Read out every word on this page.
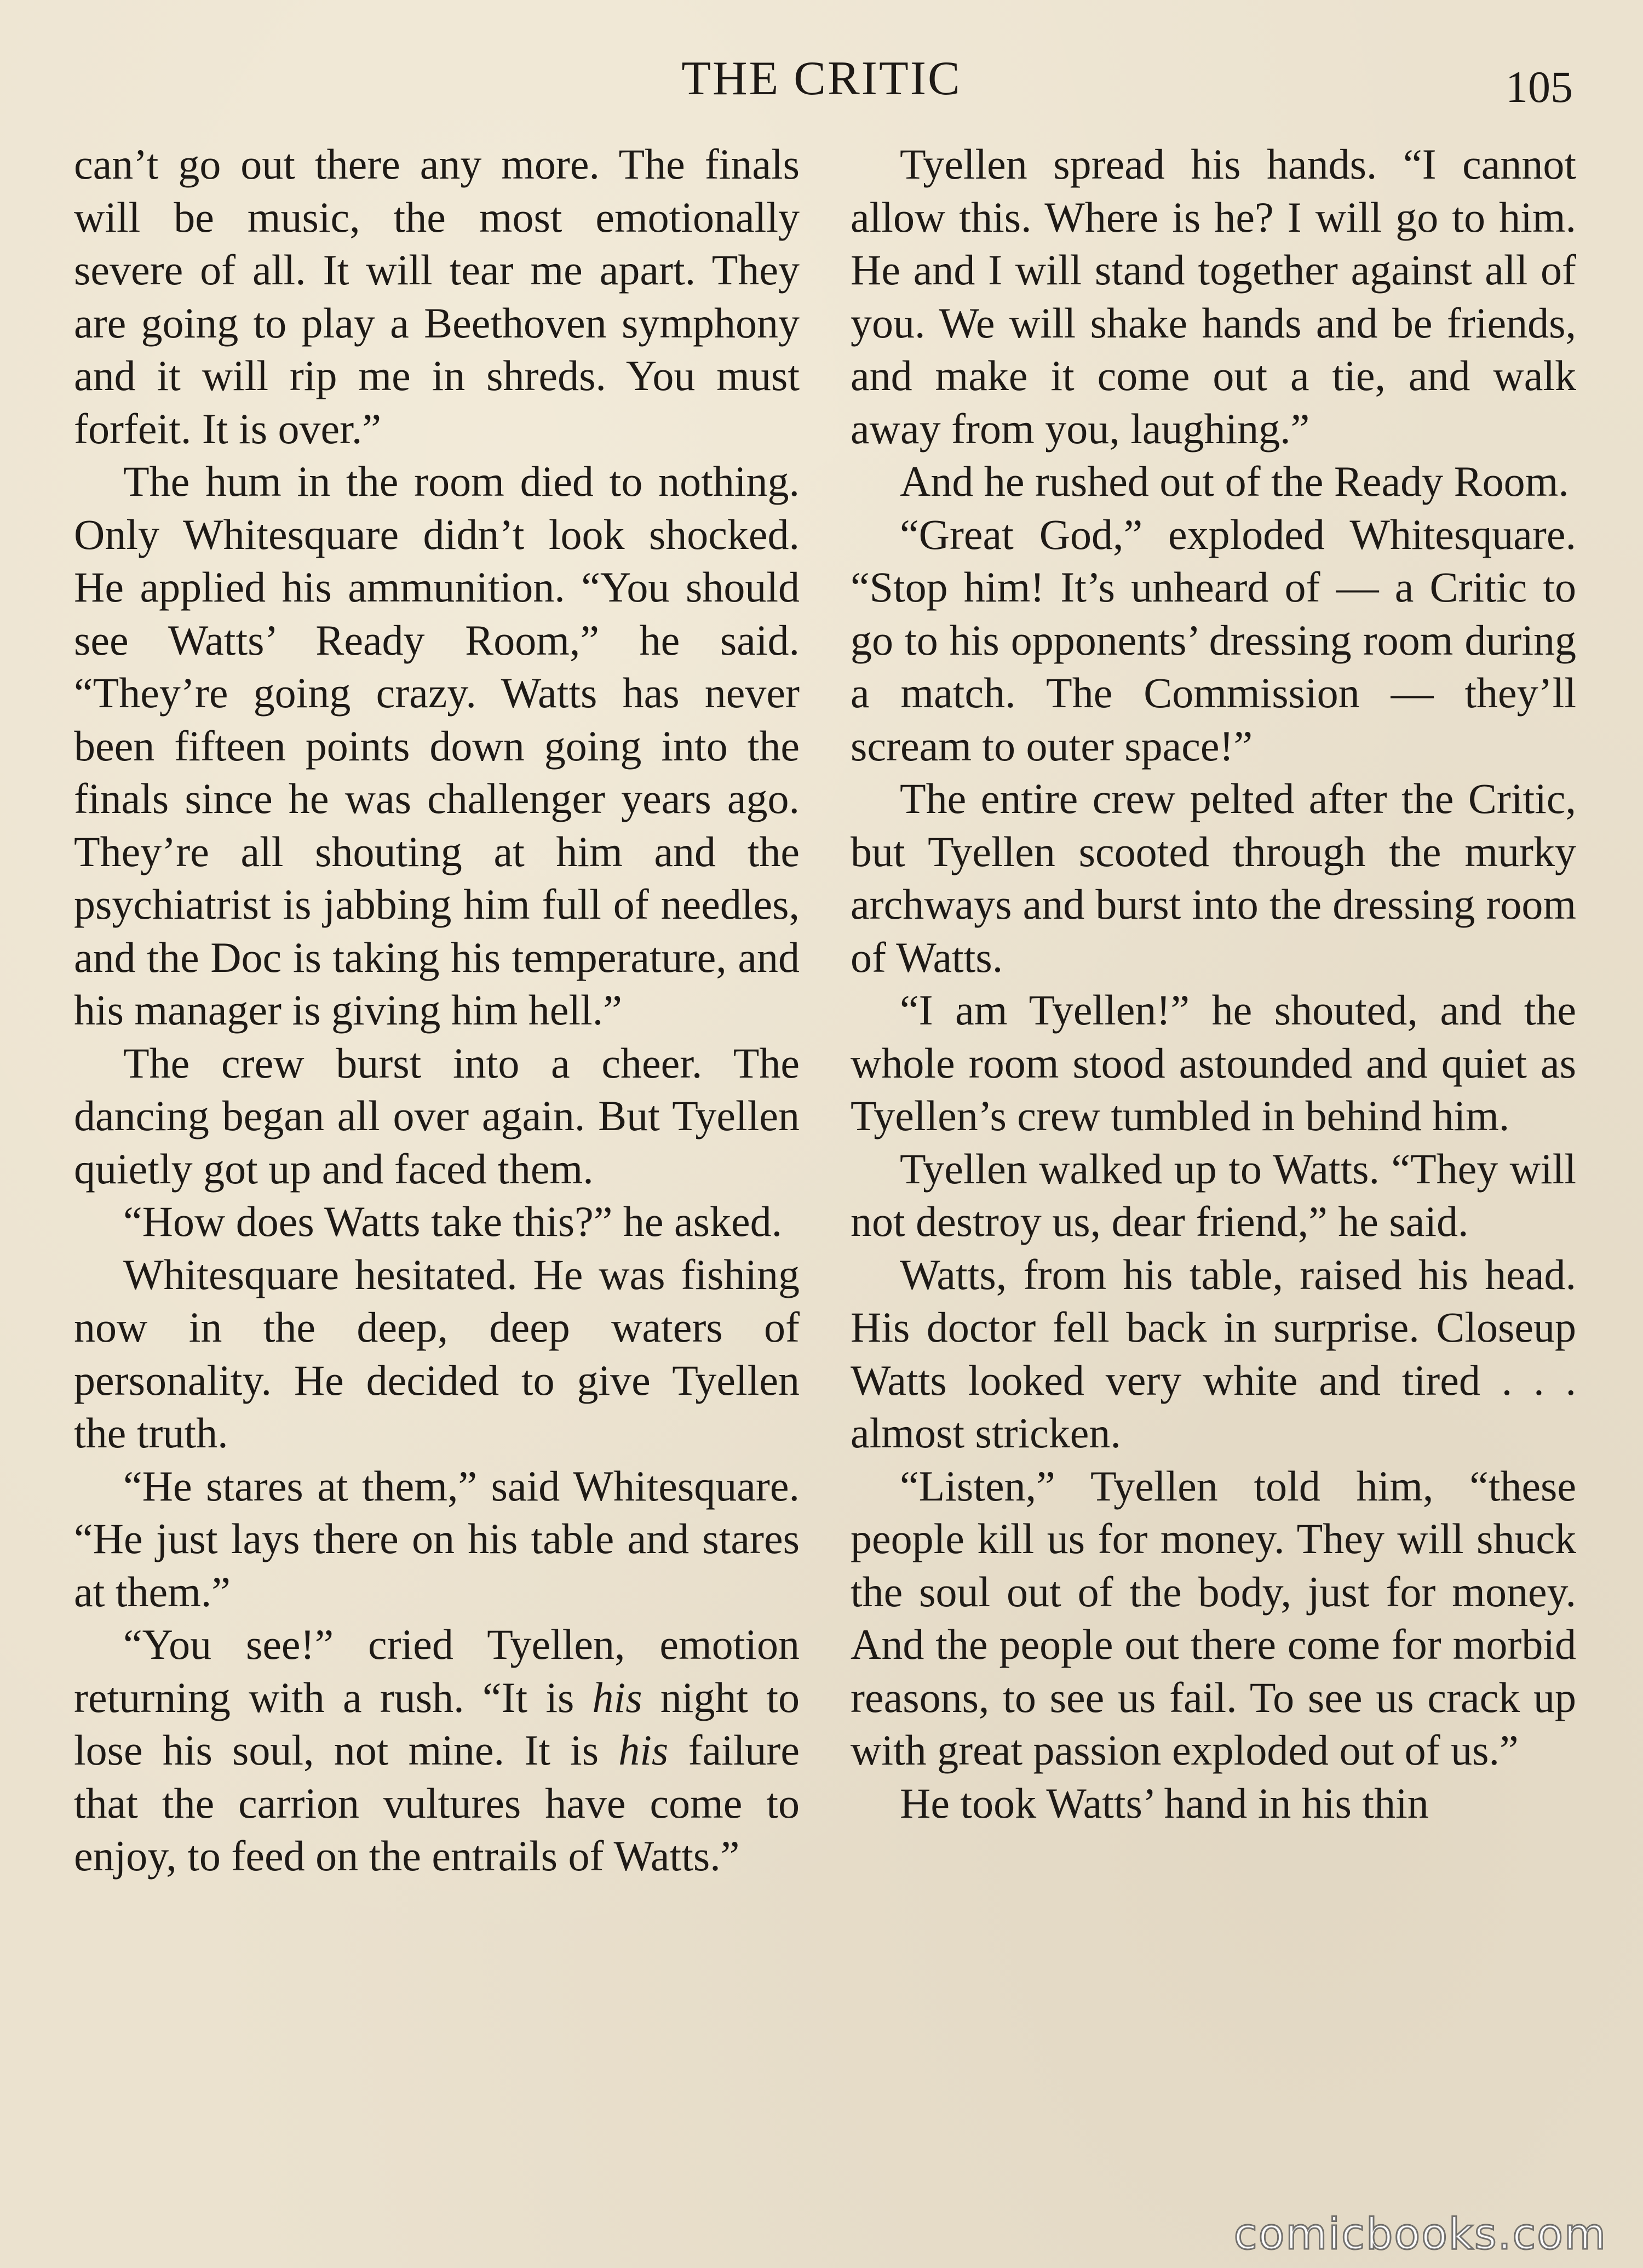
THE CRITIC	105

can’t go out there any more. The finals will be music, the most emotionally severe of all. It will tear me apart. They are going to play a Beethoven symphony and it will rip me in shreds. You must forfeit. It is over.”

The hum in the room died to nothing. Only Whitesquare didn’t look shocked. He applied his ammunition. “You should see Watts’ Ready Room,” he said. “They’re going crazy. Watts has never been fifteen points down going into the finals since he was challenger years ago. They’re all shouting at him and the psychiatrist is jabbing him full of needles, and the Doc is taking his temperature, and his manager is giving him hell.”

The crew burst into a cheer. The dancing began all over again. But Tyellen quietly got up and faced them.

“How does Watts take this?” he asked.

Whitesquare hesitated. He was fishing now in the deep, deep waters of personality. He decided to give Tyellen the truth.

“He stares at them,” said Whitesquare. “He just lays there on his table and stares at them.”

“You see!” cried Tyellen, emotion returning with a rush. “It is his night to lose his soul, not mine. It is his failure that the carrion vultures have come to enjoy, to feed on the entrails of Watts.”

Tyellen spread his hands. “I cannot allow this. Where is he? I will go to him. He and I will stand together against all of you. We will shake hands and be friends, and make it come out a tie, and walk away from you, laughing.”

And he rushed out of the Ready Room.

“Great God,” exploded Whitesquare. “Stop him! It’s unheard of — a Critic to go to his opponents’ dressing room during a match. The Commission — they’ll scream to outer space!”

The entire crew pelted after the Critic, but Tyellen scooted through the murky archways and burst into the dressing room of Watts.

“I am Tyellen!” he shouted, and the whole room stood astounded and quiet as Tyellen’s crew tumbled in behind him.

Tyellen walked up to Watts. “They will not destroy us, dear friend,” he said.

Watts, from his table, raised his head. His doctor fell back in surprise. Closeup Watts looked very white and tired . . . almost stricken.

“Listen,” Tyellen told him, “these people kill us for money. They will shuck the soul out of the body, just for money. And the people out there come for morbid reasons, to see us fail. To see us crack up with great passion exploded out of us.”

He took Watts’ hand in his thin

comicbooks.com
